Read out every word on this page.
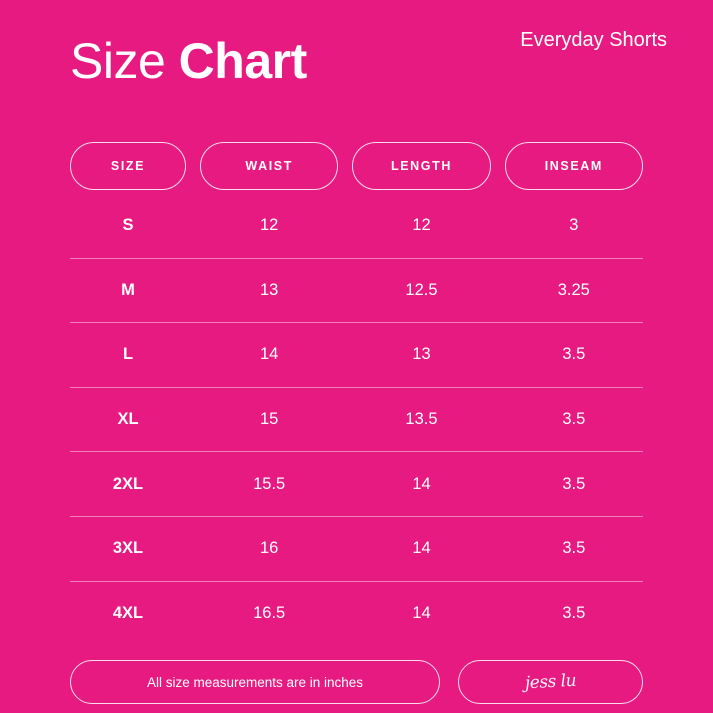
Size Chart	Everyday Shorts
SIZE	WAIST	LENGTH	INSEAM
S	12	12	3
M	13	12.5	3.25
L	14	13	3.5
XL	15	13.5	3.5
2XL	15.5	14	3.5
3XL	16	14	3.5
4XL	16.5	14	3.5
All size measurements are in inches	jess lu
